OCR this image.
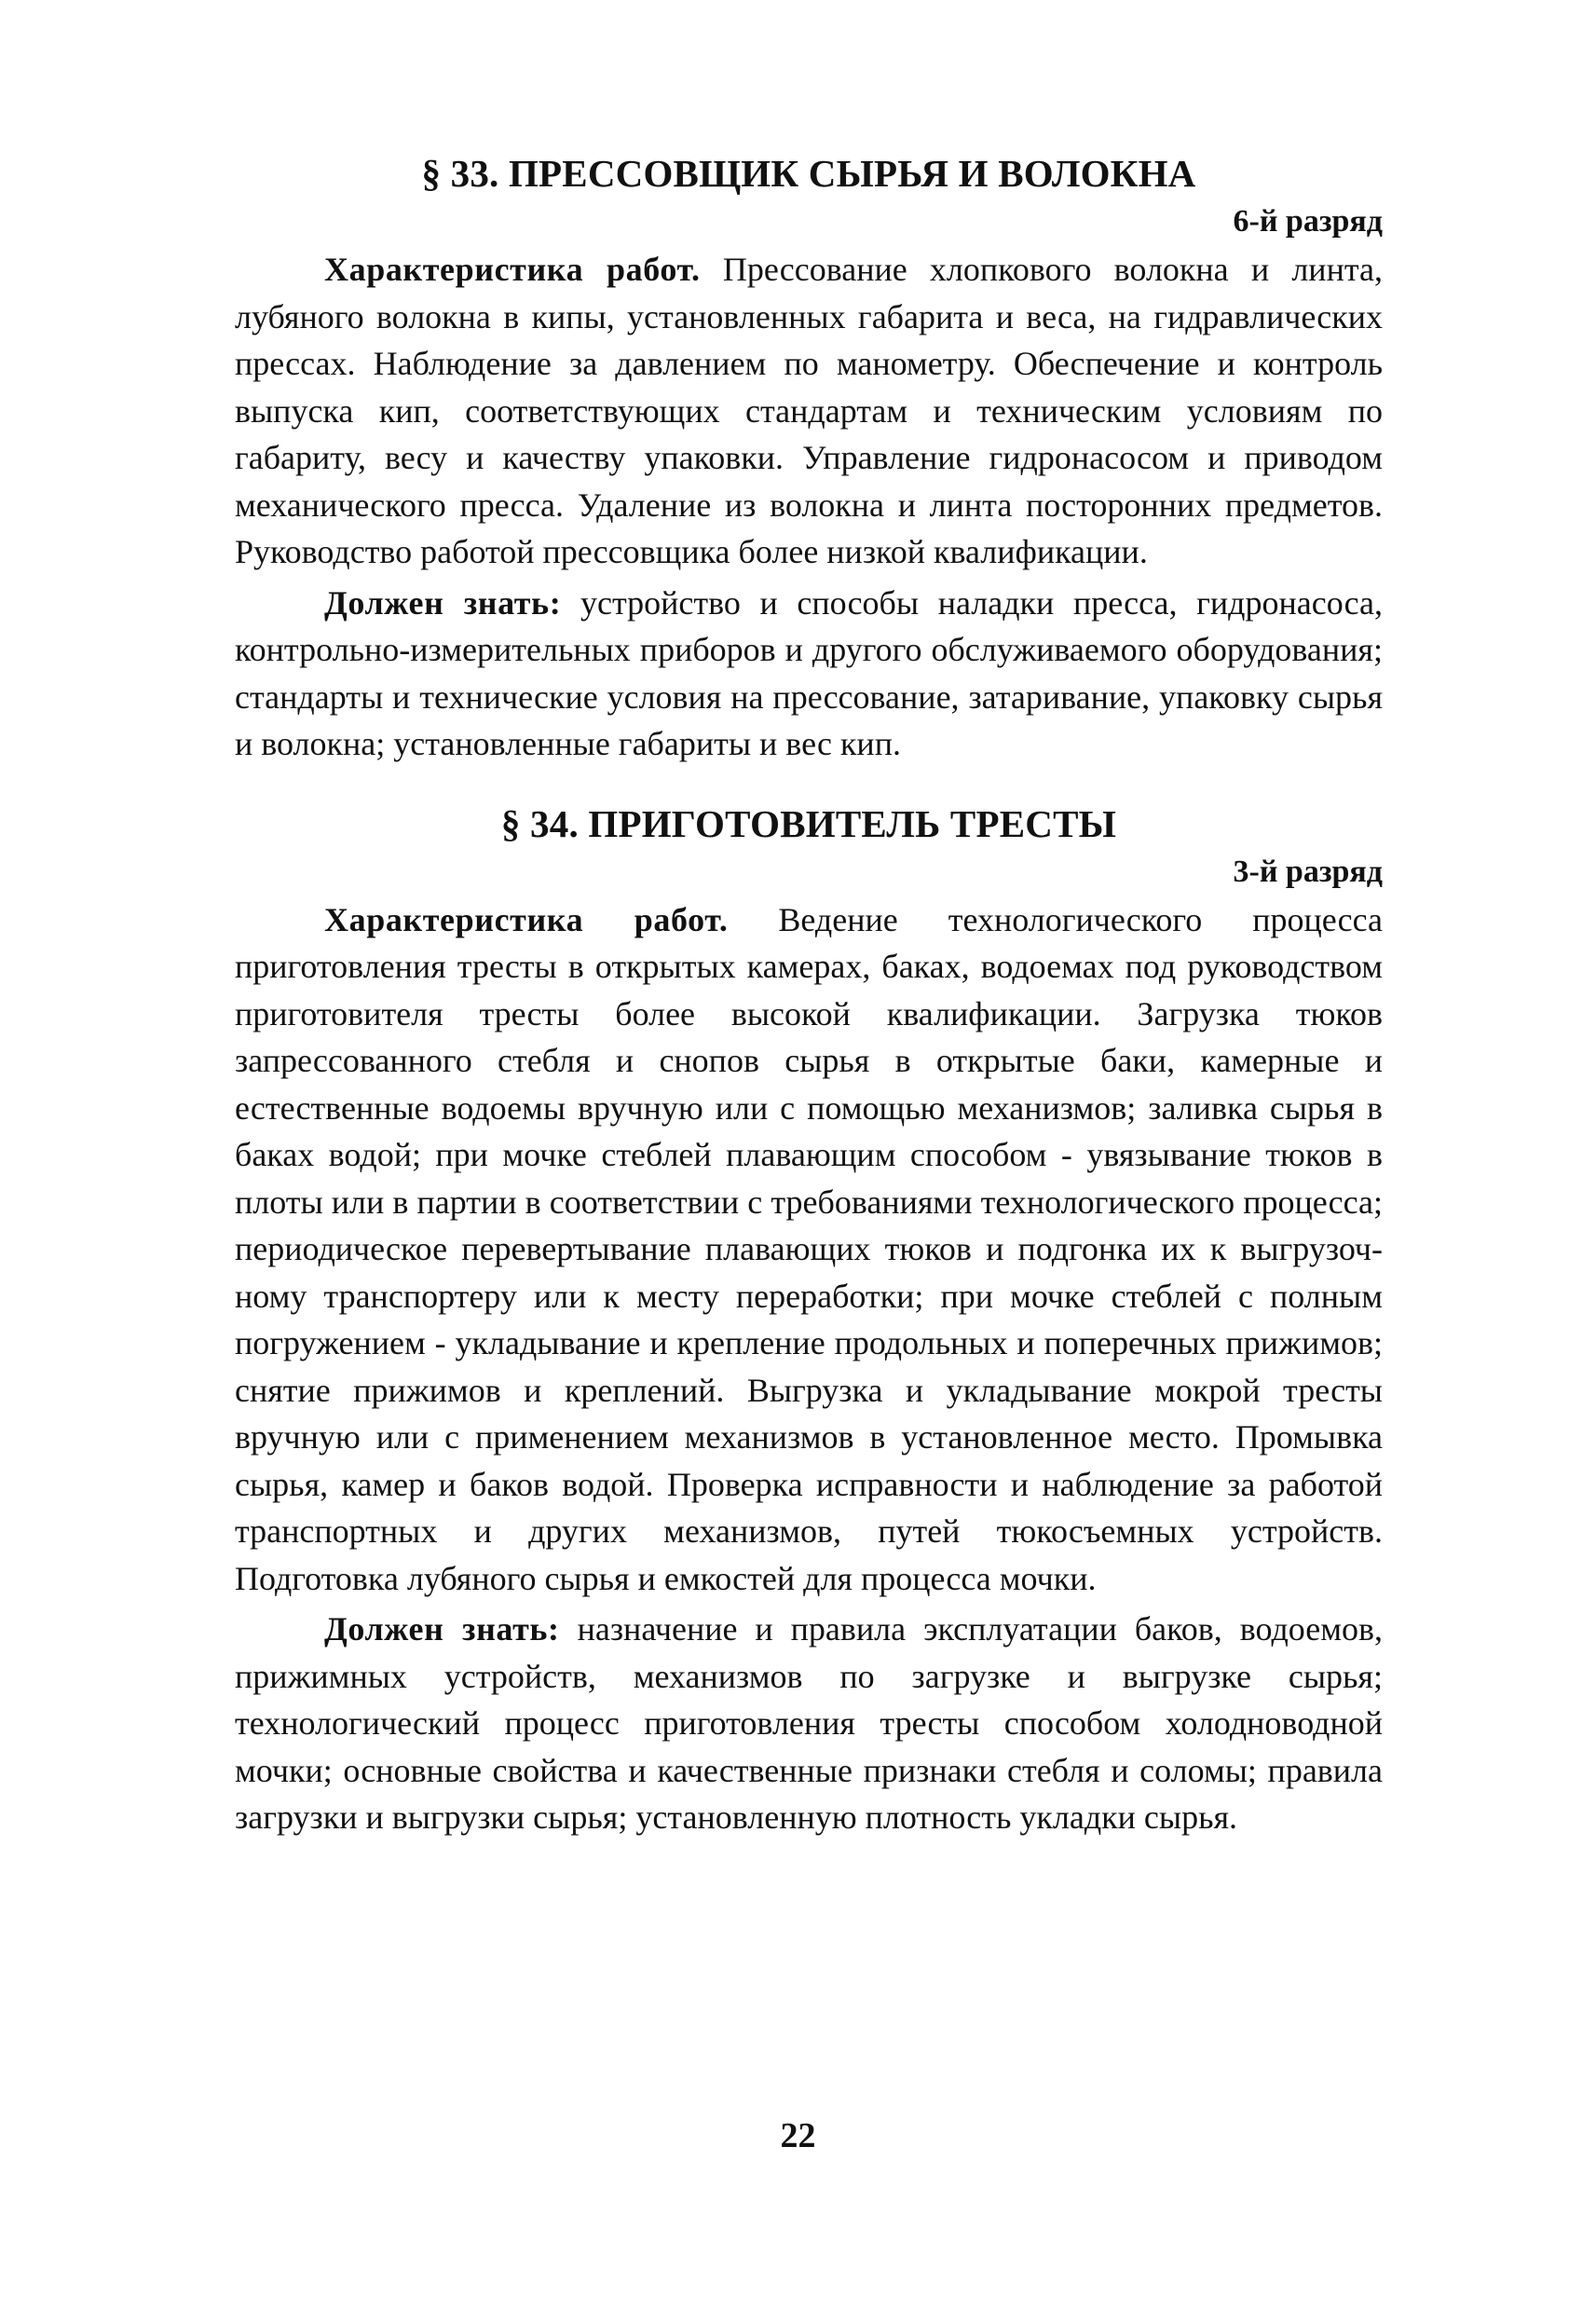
§ 33. ПРЕССОВЩИК СЫРЬЯ И ВОЛОКНА
6-й разряд

Характеристика работ. Прессование хлопкового волокна и линта, лубяного волокна в кипы, установленных габарита и веса, на гидравлических прессах. Наблюдение за давлением по манометру. Обеспечение и контроль выпуска кип, соответствующих стандартам и техническим условиям по габариту, весу и качеству упаковки. Управление гидронасосом и приводом механического пресса. Удаление из волокна и линта посторонних предметов. Руководство работой прессовщика более низкой квалификации.

Должен знать: устройство и способы наладки пресса, гидронасоса, контрольно-измерительных приборов и другого обслуживаемого оборудования; стандарты и технические условия на прессование, затаривание, упаковку сырья и волокна; установленные габариты и вес кип.

§ 34. ПРИГОТОВИТЕЛЬ ТРЕСТЫ
3-й разряд

Характеристика работ. Ведение технологического процесса приготовления тресты в открытых камерах, баках, водоемах под руководством приготовителя тресты более высокой квалификации. Загрузка тюков запрессованного стебля и снопов сырья в открытые баки, камерные и естественные водоемы вручную или с помощью механизмов; заливка сырья в баках водой; при мочке стеблей плавающим способом - увязывание тюков в плоты или в партии в соответствии с требованиями технологического процесса; периодическое перевертывание плавающих тюков и подгонка их к выгрузочному транспортеру или к месту переработки; при мочке стеблей с полным погружением - укладывание и крепление продольных и поперечных прижимов; снятие прижимов и креплений. Выгрузка и укладывание мокрой тресты вручную или с применением механизмов в установленное место. Промывка сырья, камер и баков водой. Проверка исправности и наблюдение за работой транспортных и других механизмов, путей тюкосъемных устройств. Подготовка лубяного сырья и емкостей для процесса мочки.

Должен знать: назначение и правила эксплуатации баков, водоемов, прижимных устройств, механизмов по загрузке и выгрузке сырья; технологический процесс приготовления тресты способом холодноводной мочки; основные свойства и качественные признаки стебля и соломы; правила загрузки и выгрузки сырья; установленную плотность укладки сырья.

22
